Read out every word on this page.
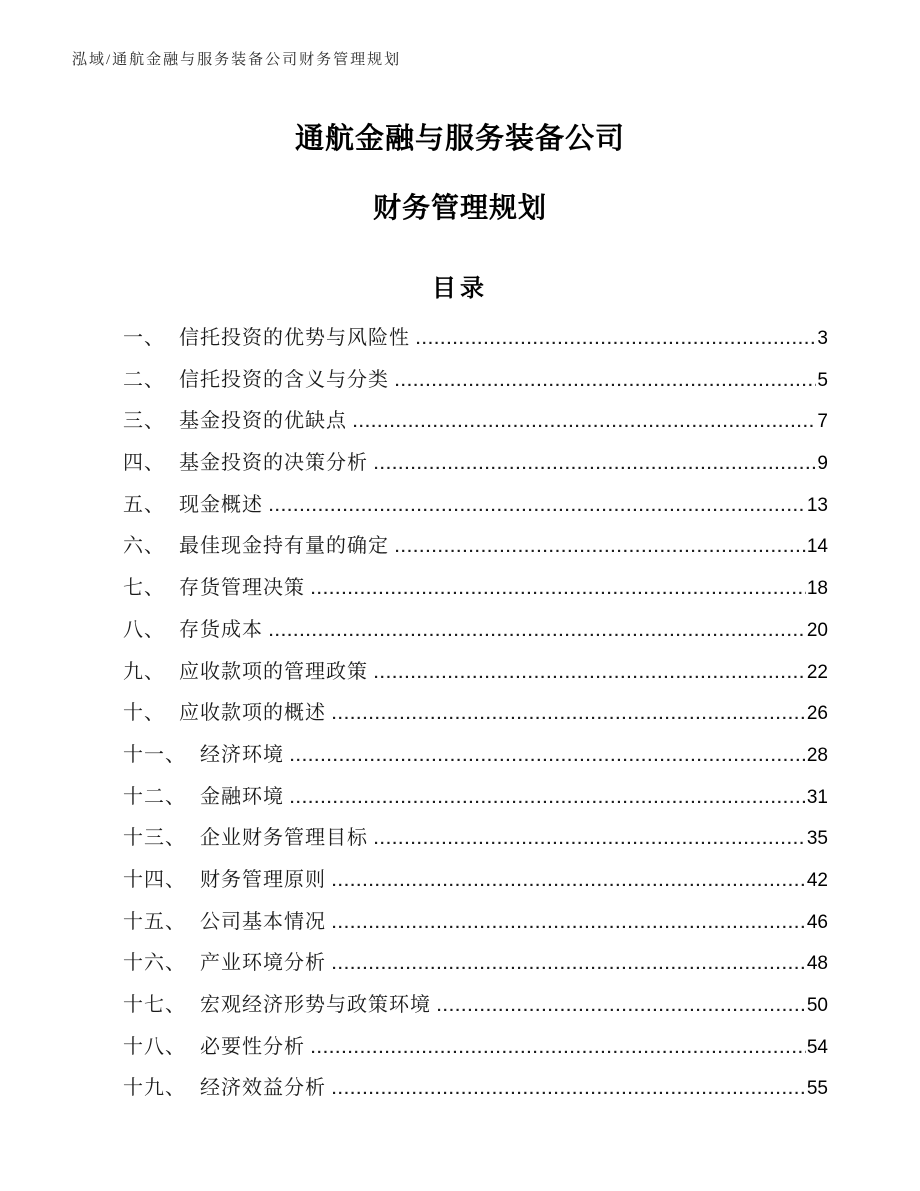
泓域/通航金融与服务装备公司财务管理规划
通航金融与服务装备公司
财务管理规划
目录
一、 信托投资的优势与风险性 .....	3
二、 信托投资的含义与分类 .....	5
三、 基金投资的优缺点 .....	7
四、 基金投资的决策分析 .....	9
五、 现金概述 .....	13
六、 最佳现金持有量的确定 .....	14
七、 存货管理决策 .....	18
八、 存货成本 .....	20
九、 应收款项的管理政策 .....	22
十、 应收款项的概述 .....	26
十一、 经济环境 .....	28
十二、 金融环境 .....	31
十三、 企业财务管理目标 .....	35
十四、 财务管理原则 .....	42
十五、 公司基本情况 .....	46
十六、 产业环境分析 .....	48
十七、 宏观经济形势与政策环境 .....	50
十八、 必要性分析 .....	54
十九、 经济效益分析 .....	55
